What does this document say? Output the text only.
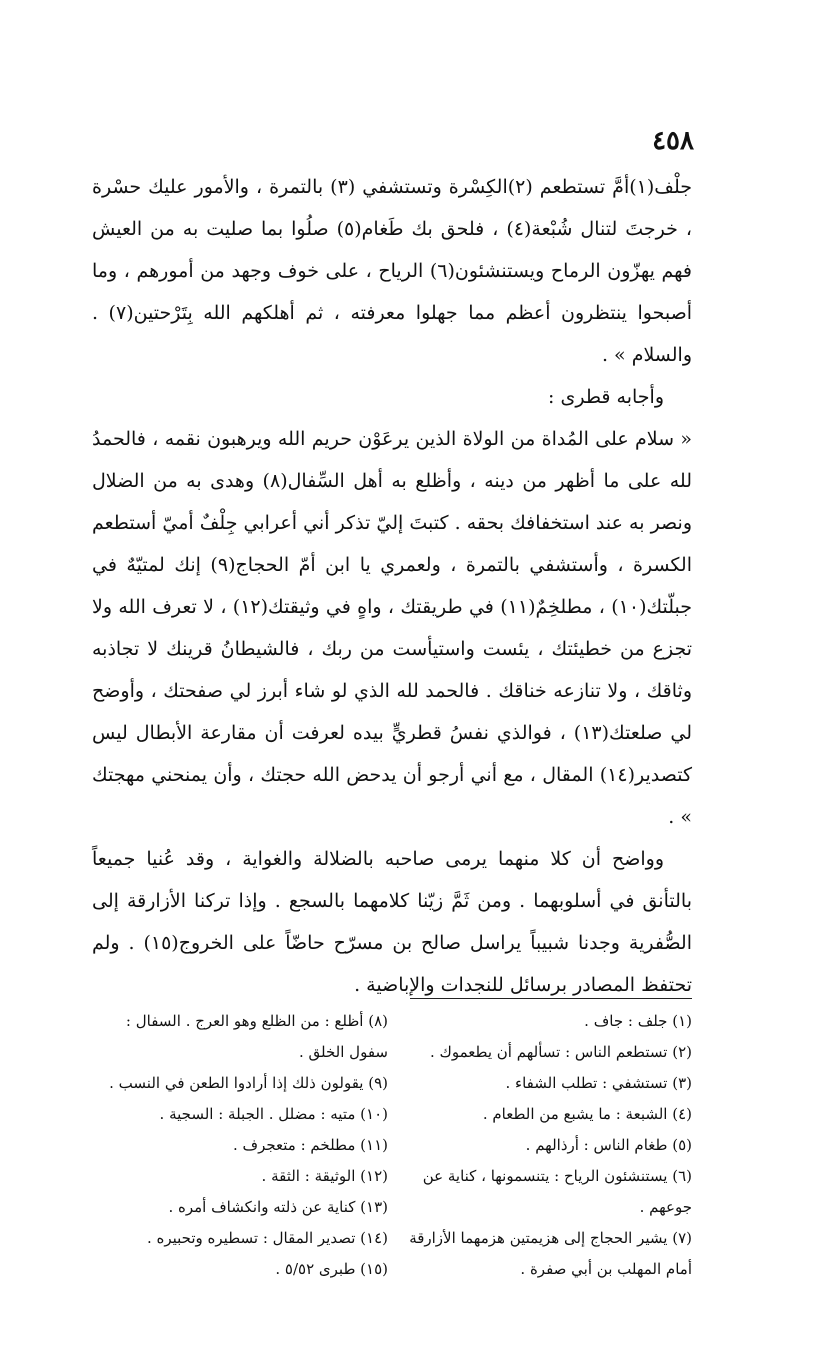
٤٥٨

جلْف(١)أمَّ تستطعم (٢)الكِسْرة وتستشفي (٣) بالتمرة ، والأمور عليك حسْرة ، خرجتَ لتنال شُبْعة(٤) ، فلحق بك طَغام(٥) صلُوا بما صليت به من العيش فهم يهزّون الرماح ويستنشئون(٦) الرياح ، على خوف وجهد من أمورهم ، وما أصبحوا ينتظرون أعظم مما جهلوا معرفته ، ثم أهلكهم الله بِتَرْحتين(٧) . والسلام » .

وأجابه قطرى :

« سلام على المُداة من الولاة الذين يرعَوْن حريم الله ويرهبون نقمه ، فالحمدُ لله على ما أظهر من دينه ، وأظلع به أهل السِّفال(٨) وهدى به من الضلال ونصر به عند استخفافك بحقه . كتبتَ إليّ تذكر أني أعرابي جِلْفٌ أميّ أستطعم الكسرة ، وأستشفي بالتمرة ، ولعمري يا ابن أمّ الحجاج(٩) إنك لمتيّهٌ في جبلّتك(١٠) ، مطلخِمٌ(١١) في طريقتك ، واهٍ في وثيقتك(١٢) ، لا تعرف الله ولا تجزع من خطيئتك ، يئست واستيأست من ربك ، فالشيطانُ قرينك لا تجاذبه وثاقك ، ولا تنازعه خناقك . فالحمد لله الذي لو شاء أبرز لي صفحتك ، وأوضح لي صلعتك(١٣) ، فوالذي نفسُ قطريٍّ بيده لعرفت أن مقارعة الأبطال ليس كتصدير(١٤) المقال ، مع أني أرجو أن يدحض الله حجتك ، وأن يمنحني مهجتك » .

وواضح أن كلا منهما يرمى صاحبه بالضلالة والغواية ، وقد عُنيا جميعاً بالتأنق في أسلوبهما . ومن ثَمَّ زيّنا كلامهما بالسجع . وإذا تركنا الأزارقة إلى الصُّفرية وجدنا شبيباً يراسل صالح بن مسرّح حاضّاً على الخروج(١٥) . ولم تحتفظ المصادر برسائل للنجدات والإباضية .

(١) جلف : جاف .

(٢) تستطعم الناس : تسألهم أن يطعموك .

(٣) تستشفي : تطلب الشفاء .

(٤) الشبعة : ما يشبع من الطعام .

(٥) طغام الناس : أرذالهم .

(٦) يستنشئون الرياح : يتنسمونها ، كناية عن جوعهم .

(٧) يشير الحجاج إلى هزيمتين هزمهما الأزارقة أمام المهلب بن أبي صفرة .

(٨) أظلع : من الظلع وهو العرج . السفال : سفول الخلق .

(٩) يقولون ذلك إذا أرادوا الطعن في النسب .

(١٠) متيه : مضلل . الجبلة : السجية .

(١١) مطلخم : متعجرف .

(١٢) الوثيقة : الثقة .

(١٣) كناية عن ذلته وانكشاف أمره .

(١٤) تصدير المقال : تسطيره وتحبيره .

(١٥) طبرى ٥/٥٢ .
